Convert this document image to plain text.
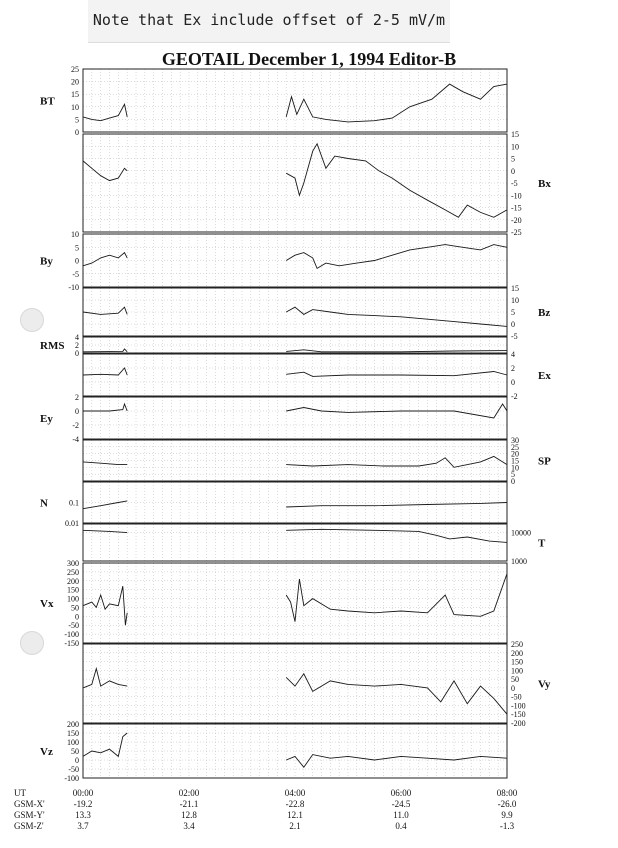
Note that Ex include offset of 2-5 mV/m
GEOTAIL December 1, 1994 Editor-B
0
5
10
15
20
25
BT
15
10
5
0
-5
-10
-15
-20
-25
Bx
10
5
0
-5
-10
By
15
10
5
0
-5
Bz
4
2
0
RMS
4
2
0
-2
Ex
2
0
-2
-4
Ey
30
25
20
15
10
5
0
SP
0.1
0.01
N
10000
1000
T
300
250
200
150
100
50
0
-50
-100
-150
Vx
250
200
150
100
50
0
-50
-100
-150
-200
Vy
200
150
100
50
0
-50
-100
Vz
UT
GSM-X'
GSM-Y'
GSM-Z'
00:00
-19.2
13.3
3.7
02:00
-21.1
12.8
3.4
04:00
-22.8
12.1
2.1
06:00
-24.5
11.0
0.4
08:00
-26.0
9.9
-1.3
